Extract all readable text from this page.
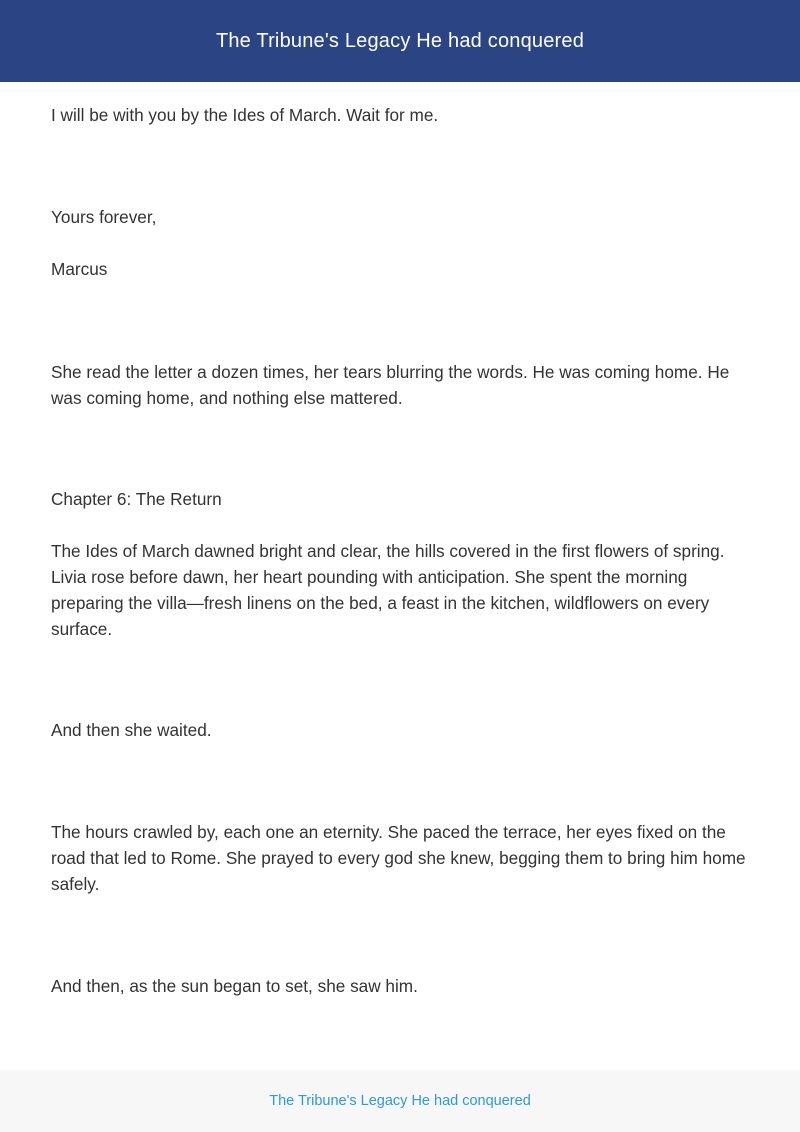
The Tribune's Legacy He had conquered

I will be with you by the Ides of March. Wait for me.

Yours forever,

Marcus

She read the letter a dozen times, her tears blurring the words. He was coming home. He was coming home, and nothing else mattered.

Chapter 6: The Return

The Ides of March dawned bright and clear, the hills covered in the first flowers of spring. Livia rose before dawn, her heart pounding with anticipation. She spent the morning preparing the villa—fresh linens on the bed, a feast in the kitchen, wildflowers on every surface.

And then she waited.

The hours crawled by, each one an eternity. She paced the terrace, her eyes fixed on the road that led to Rome. She prayed to every god she knew, begging them to bring him home safely.

And then, as the sun began to set, she saw him.

The Tribune's Legacy He had conquered
